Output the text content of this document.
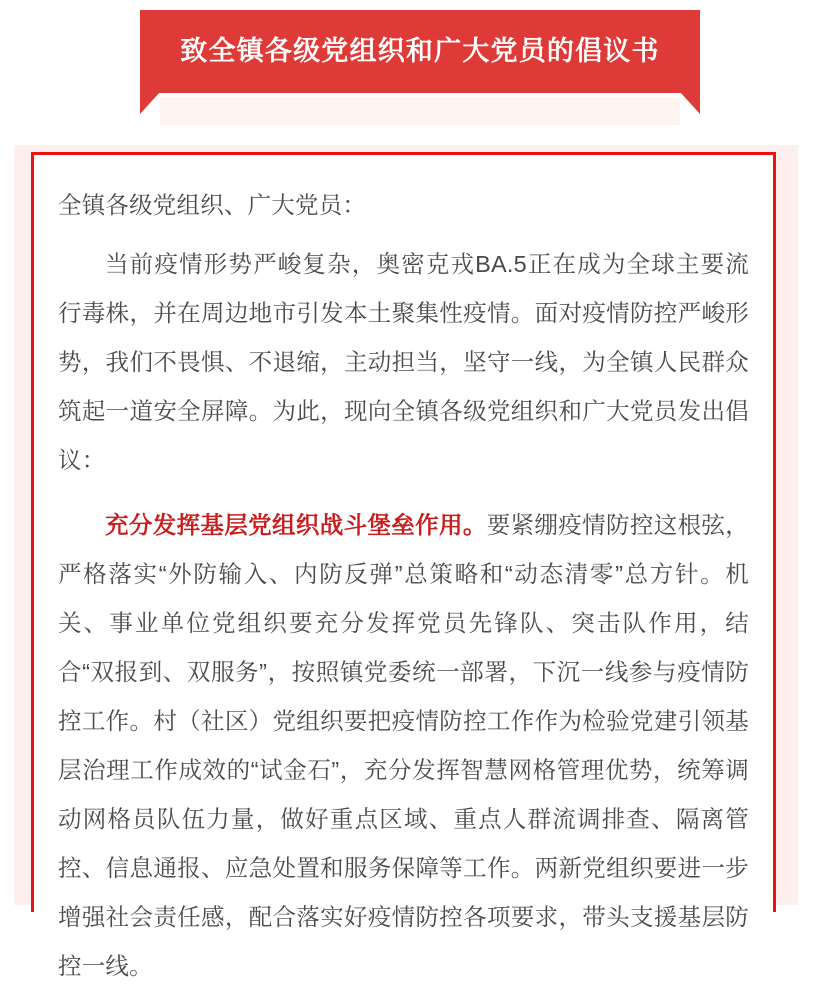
致全镇各级党组织和广大党员的倡议书

全镇各级党组织、广大党员：

当前疫情形势严峻复杂，奥密克戎BA.5正在成为全球主要流行毒株，并在周边地市引发本土聚集性疫情。面对疫情防控严峻形势，我们不畏惧、不退缩，主动担当，坚守一线，为全镇人民群众筑起一道安全屏障。为此，现向全镇各级党组织和广大党员发出倡议：

充分发挥基层党组织战斗堡垒作用。要紧绷疫情防控这根弦，严格落实“外防输入、内防反弹”总策略和“动态清零”总方针。机关、事业单位党组织要充分发挥党员先锋队、突击队作用，结合“双报到、双服务”，按照镇党委统一部署，下沉一线参与疫情防控工作。村（社区）党组织要把疫情防控工作作为检验党建引领基层治理工作成效的“试金石”，充分发挥智慧网格管理优势，统筹调动网格员队伍力量，做好重点区域、重点人群流调排查、隔离管控、信息通报、应急处置和服务保障等工作。两新党组织要进一步增强社会责任感，配合落实好疫情防控各项要求，带头支援基层防控一线。
